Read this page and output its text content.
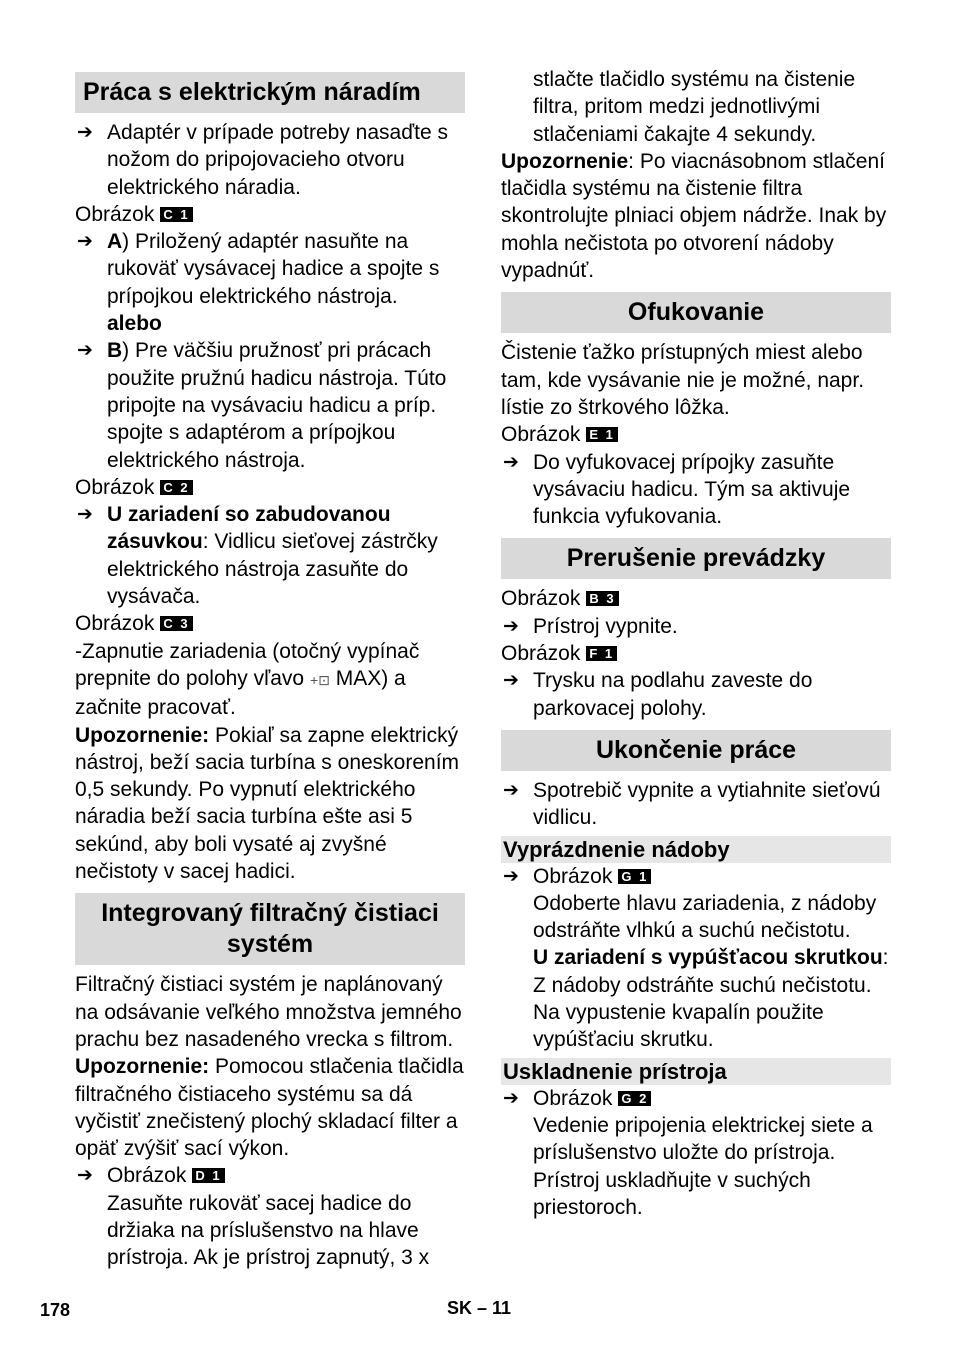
Práca s elektrickým náradím
➔ Adaptér v prípade potreby nasaďte s nožom do pripojovacieho otvoru elektrického náradia.
Obrázok C 1
➔ A) Priložený adaptér nasuňte na rukoväť vysávacej hadice a spojte s prípojkou elektrického nástroja.
alebo
➔ B) Pre väčšiu pružnosť pri prácach použite pružnú hadicu nástroja. Túto pripojte na vysávaciu hadicu a príp. spojte s adaptérom a prípojkou elektrického nástroja.
Obrázok C 2
➔ U zariadení so zabudovanou zásuvkou: Vidlicu sieťovej zástrčky elektrického nástroja zasuňte do vysávača.
Obrázok C 3
-Zapnutie zariadenia (otočný vypínač prepnite do polohy vľavo +⊡ MAX) a začnite pracovať.
Upozornenie: Pokiaľ sa zapne elektrický nástroj, beží sacia turbína s oneskorením 0,5 sekundy. Po vypnutí elektrického náradia beží sacia turbína ešte asi 5 sekúnd, aby boli vysaté aj zvyšné nečistoty v sacej hadici.
Integrovaný filtračný čistiaci systém
Filtračný čistiaci systém je naplánovaný na odsávanie veľkého množstva jemného prachu bez nasadeného vrecka s filtrom.
Upozornenie: Pomocou stlačenia tlačidla filtračného čistiaceho systému sa dá vyčistiť znečistený plochý skladací filter a opäť zvýšiť sací výkon.
➔ Obrázok D 1
Zasuňte rukoväť sacej hadice do držiaka na príslušenstvo na hlave prístroja. Ak je prístroj zapnutý, 3 x
stlačte tlačidlo systému na čistenie filtra, pritom medzi jednotlivými stlačeniami čakajte 4 sekundy.
Upozornenie: Po viacnásobnom stlačení tlačidla systému na čistenie filtra skontrolujte plniaci objem nádrže. Inak by mohla nečistota po otvorení nádoby vypadnúť.
Ofukovanie
Čistenie ťažko prístupných miest alebo tam, kde vysávanie nie je možné, napr. lístie zo štrkového lôžka.
Obrázok E 1
➔ Do vyfukovacej prípojky zasuňte vysávaciu hadicu. Tým sa aktivuje funkcia vyfukovania.
Prerušenie prevádzky
Obrázok B 3
➔ Prístroj vypnite.
Obrázok F 1
➔ Trysku na podlahu zaveste do parkovacej polohy.
Ukončenie práce
➔ Spotrebič vypnite a vytiahnite sieťovú vidlicu.
Vyprázdnenie nádoby
➔ Obrázok G 1
Odoberte hlavu zariadenia, z nádoby odstráňte vlhkú a suchú nečistotu.
U zariadení s vypúšťacou skrutkou: Z nádoby odstráňte suchú nečistotu. Na vypustenie kvapalín použite vypúšťaciu skrutku.
Uskladnenie prístroja
➔ Obrázok G 2
Vedenie pripojenia elektrickej siete a príslušenstvo uložte do prístroja. Prístroj uskladňujte v suchých priestoroch.
178	SK – 11
